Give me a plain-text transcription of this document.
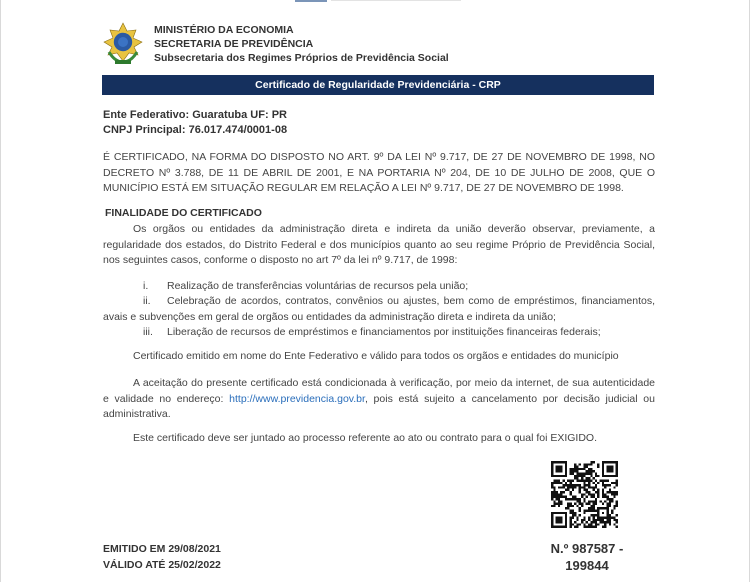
MINISTÉRIO DA ECONOMIA
SECRETARIA DE PREVIDÊNCIA
Subsecretaria dos Regimes Próprios de Previdência Social
Certificado de Regularidade Previdenciária - CRP
Ente Federativo: Guaratuba UF: PR
CNPJ Principal: 76.017.474/0001-08
É CERTIFICADO, NA FORMA DO DISPOSTO NO ART. 9º DA LEI Nº 9.717, DE 27 DE NOVEMBRO DE 1998, NO DECRETO Nº 3.788, DE 11 DE ABRIL DE 2001, E NA PORTARIA Nº 204, DE 10 DE JULHO DE 2008, QUE O MUNICÍPIO ESTÁ EM SITUAÇÃO REGULAR EM RELAÇÃO A LEI Nº 9.717, DE 27 DE NOVEMBRO DE 1998.
FINALIDADE DO CERTIFICADO
Os orgãos ou entidades da administração direta e indireta da união deverão observar, previamente, a regularidade dos estados, do Distrito Federal e dos municípios quanto ao seu regime Próprio de Previdência Social, nos seguintes casos, conforme o disposto no art 7º da lei nº 9.717, de 1998:
i. Realização de transferências voluntárias de recursos pela união;
ii. Celebração de acordos, contratos, convênios ou ajustes, bem como de empréstimos, financiamentos, avais e subvenções em geral de orgãos ou entidades da administração direta e indireta da união;
iii. Liberação de recursos de empréstimos e financiamentos por instituições financeiras federais;
Certificado emitido em nome do Ente Federativo e válido para todos os orgãos e entidades do município
A aceitação do presente certificado está condicionada à verificação, por meio da internet, de sua autenticidade e validade no endereço: http://www.previdencia.gov.br, pois está sujeito a cancelamento por decisão judicial ou administrativa.
Este certificado deve ser juntado ao processo referente ao ato ou contrato para o qual foi EXIGIDO.
EMITIDO EM 29/08/2021
VÁLIDO ATÉ 25/02/2022
N.º 987587 -
199844
